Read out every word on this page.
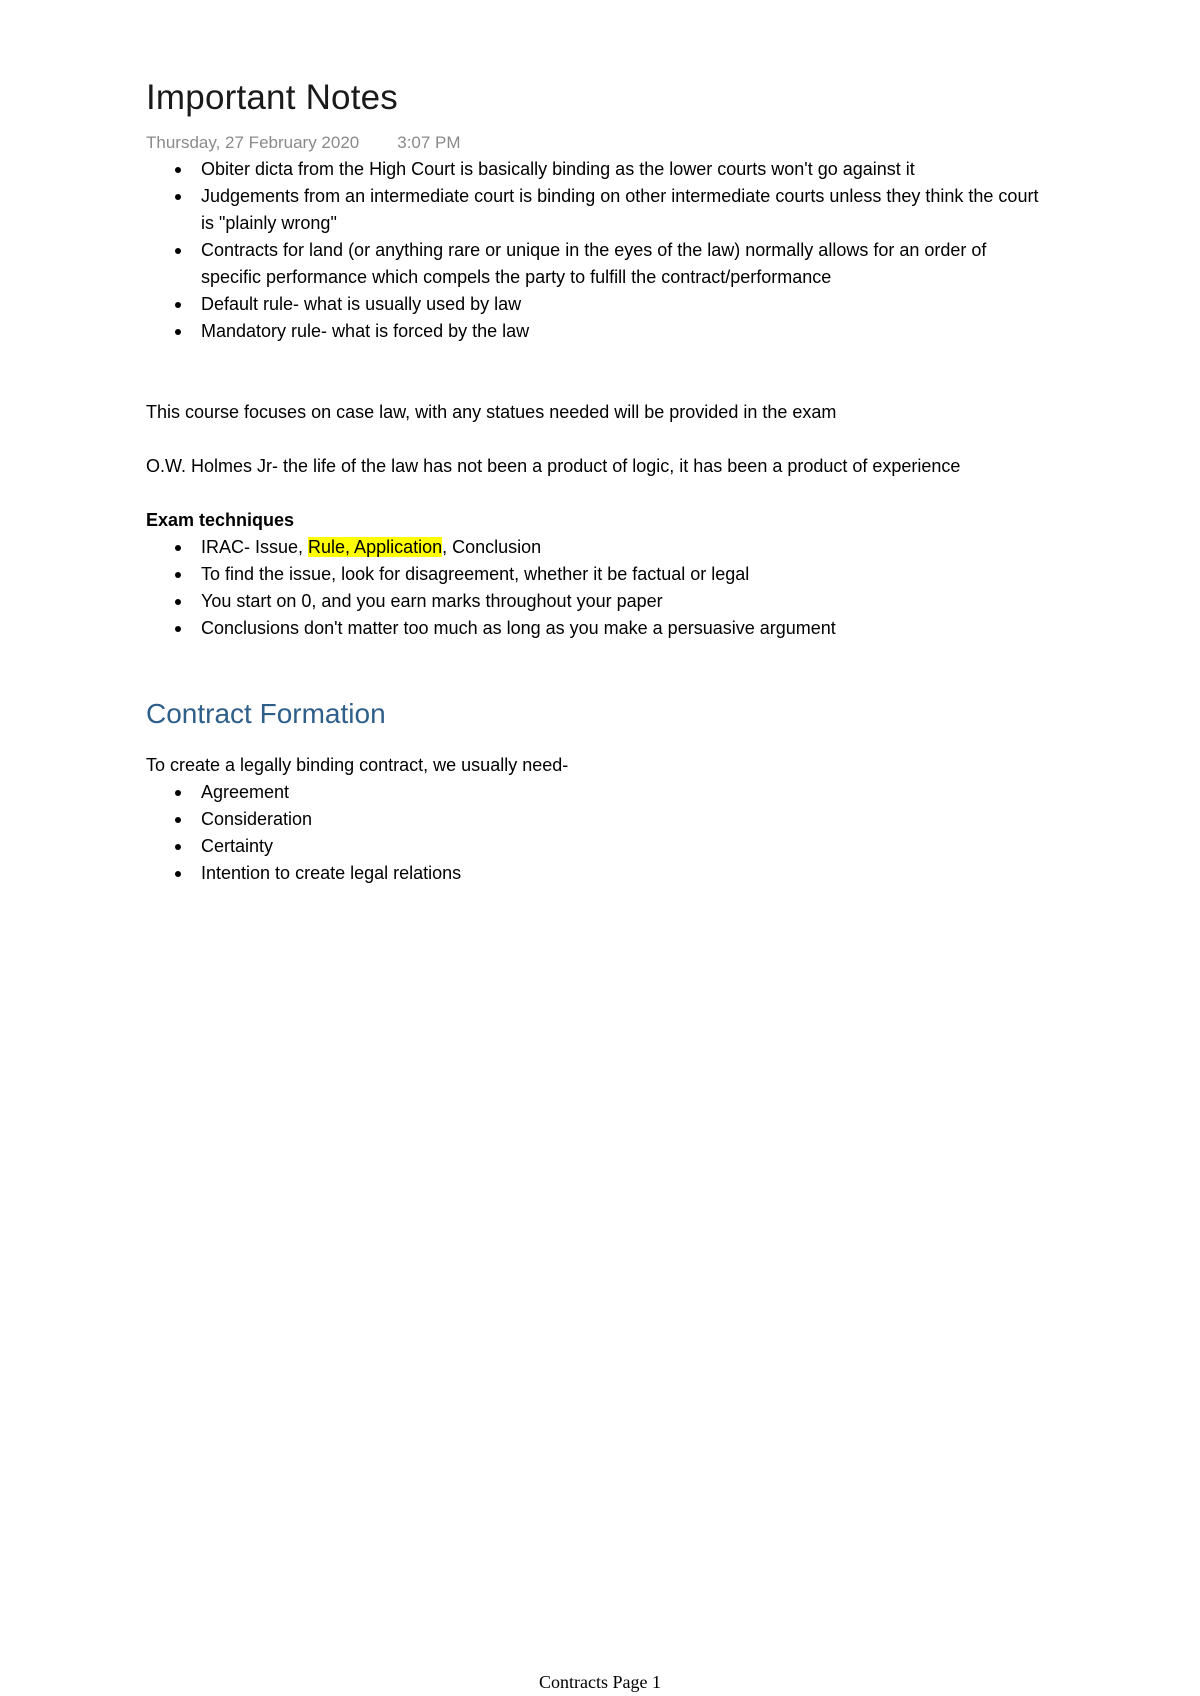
Important Notes
Thursday, 27 February 2020 3:07 PM
Obiter dicta from the High Court is basically binding as the lower courts won't go against it
Judgements from an intermediate court is binding on other intermediate courts unless they think the court is "plainly wrong"
Contracts for land (or anything rare or unique in the eyes of the law) normally allows for an order of specific performance which compels the party to fulfill the contract/performance
Default rule- what is usually used by law
Mandatory rule- what is forced by the law

This course focuses on case law, with any statues needed will be provided in the exam

O.W. Holmes Jr- the life of the law has not been a product of logic, it has been a product of experience

Exam techniques

IRAC- Issue, Rule, Application, Conclusion
To find the issue, look for disagreement, whether it be factual or legal
You start on 0, and you earn marks throughout your paper
Conclusions don't matter too much as long as you make a persuasive argument
Contract Formation

To create a legally binding contract, we usually need-

Agreement
Consideration
Certainty
Intention to create legal relations
Contracts Page 1
